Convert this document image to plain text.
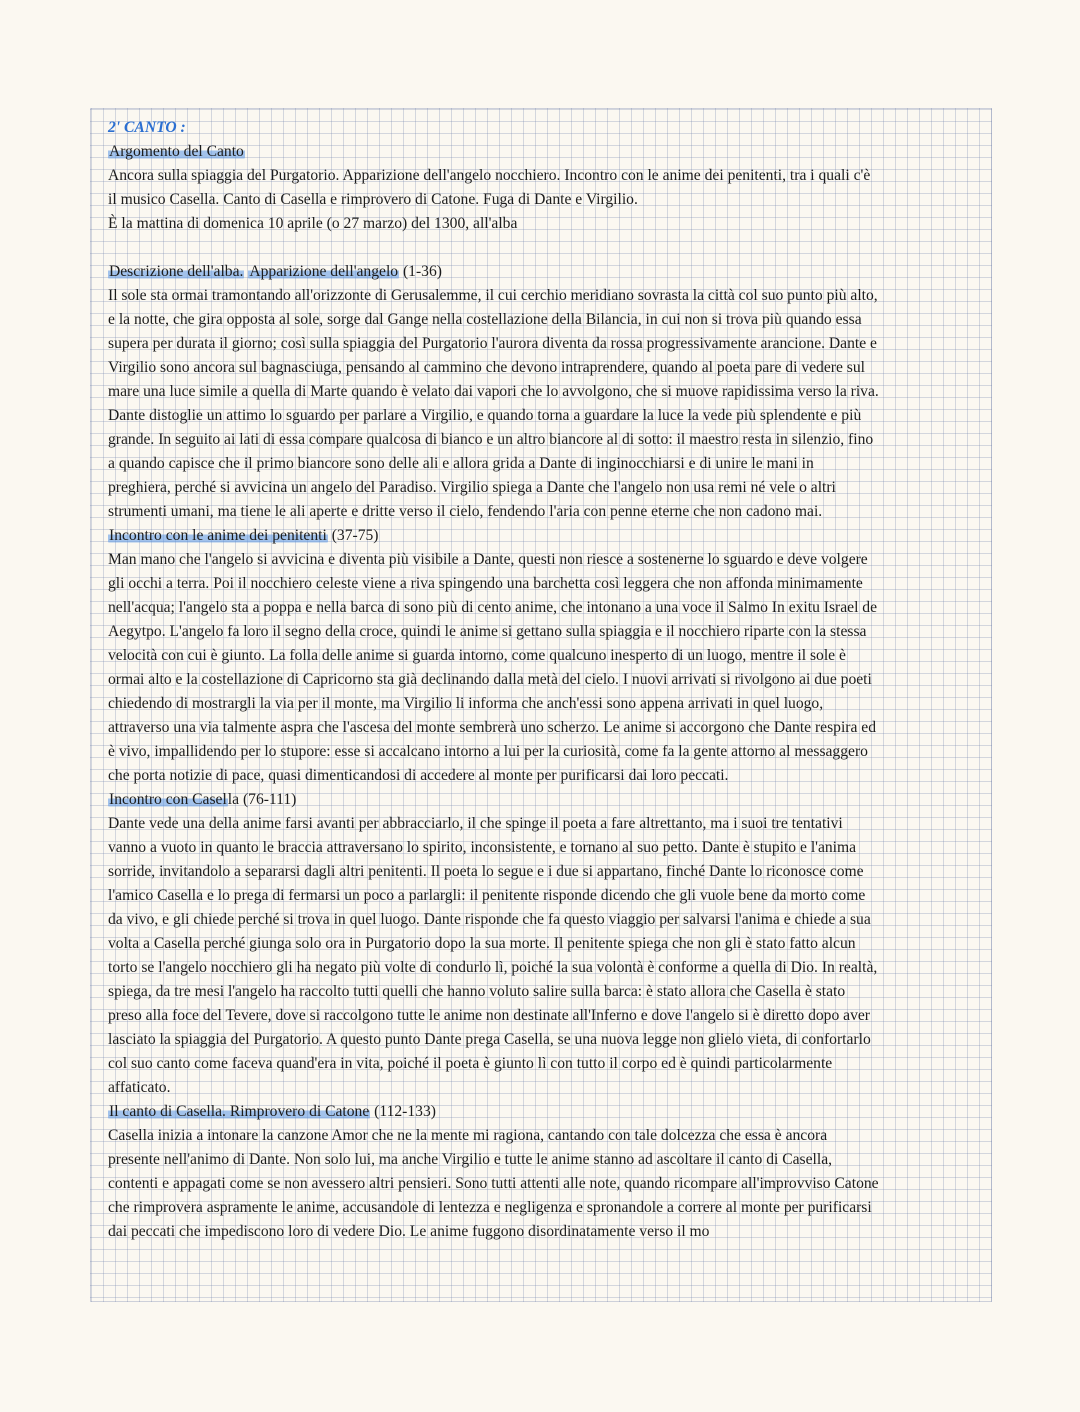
2' CANTO :
Argomento del Canto
Ancora sulla spiaggia del Purgatorio. Apparizione dell'angelo nocchiero. Incontro con le anime dei penitenti, tra i quali c'è
il musico Casella. Canto di Casella e rimprovero di Catone. Fuga di Dante e Virgilio.
È la mattina di domenica 10 aprile (o 27 marzo) del 1300, all'alba
Descrizione dell'alba. Apparizione dell'angelo (1-36)
Il sole sta ormai tramontando all'orizzonte di Gerusalemme, il cui cerchio meridiano sovrasta la città col suo punto più alto,
e la notte, che gira opposta al sole, sorge dal Gange nella costellazione della Bilancia, in cui non si trova più quando essa
supera per durata il giorno; così sulla spiaggia del Purgatorio l'aurora diventa da rossa progressivamente arancione. Dante e
Virgilio sono ancora sul bagnasciuga, pensando al cammino che devono intraprendere, quando al poeta pare di vedere sul
mare una luce simile a quella di Marte quando è velato dai vapori che lo avvolgono, che si muove rapidissima verso la riva.
Dante distoglie un attimo lo sguardo per parlare a Virgilio, e quando torna a guardare la luce la vede più splendente e più
grande. In seguito ai lati di essa compare qualcosa di bianco e un altro biancore al di sotto: il maestro resta in silenzio, fino
a quando capisce che il primo biancore sono delle ali e allora grida a Dante di inginocchiarsi e di unire le mani in
preghiera, perché si avvicina un angelo del Paradiso. Virgilio spiega a Dante che l'angelo non usa remi né vele o altri
strumenti umani, ma tiene le ali aperte e dritte verso il cielo, fendendo l'aria con penne eterne che non cadono mai.
Incontro con le anime dei penitenti (37-75)
Man mano che l'angelo si avvicina e diventa più visibile a Dante, questi non riesce a sostenerne lo sguardo e deve volgere
gli occhi a terra. Poi il nocchiero celeste viene a riva spingendo una barchetta così leggera che non affonda minimamente
nell'acqua; l'angelo sta a poppa e nella barca di sono più di cento anime, che intonano a una voce il Salmo In exitu Israel de
Aegytpo. L'angelo fa loro il segno della croce, quindi le anime si gettano sulla spiaggia e il nocchiero riparte con la stessa
velocità con cui è giunto. La folla delle anime si guarda intorno, come qualcuno inesperto di un luogo, mentre il sole è
ormai alto e la costellazione di Capricorno sta già declinando dalla metà del cielo. I nuovi arrivati si rivolgono ai due poeti
chiedendo di mostrargli la via per il monte, ma Virgilio li informa che anch'essi sono appena arrivati in quel luogo,
attraverso una via talmente aspra che l'ascesa del monte sembrerà uno scherzo. Le anime si accorgono che Dante respira ed
è vivo, impallidendo per lo stupore: esse si accalcano intorno a lui per la curiosità, come fa la gente attorno al messaggero
che porta notizie di pace, quasi dimenticandosi di accedere al monte per purificarsi dai loro peccati.
Incontro con Casella (76-111)
Dante vede una della anime farsi avanti per abbracciarlo, il che spinge il poeta a fare altrettanto, ma i suoi tre tentativi
vanno a vuoto in quanto le braccia attraversano lo spirito, inconsistente, e tornano al suo petto. Dante è stupito e l'anima
sorride, invitandolo a separarsi dagli altri penitenti. Il poeta lo segue e i due si appartano, finché Dante lo riconosce come
l'amico Casella e lo prega di fermarsi un poco a parlargli: il penitente risponde dicendo che gli vuole bene da morto come
da vivo, e gli chiede perché si trova in quel luogo. Dante risponde che fa questo viaggio per salvarsi l'anima e chiede a sua
volta a Casella perché giunga solo ora in Purgatorio dopo la sua morte. Il penitente spiega che non gli è stato fatto alcun
torto se l'angelo nocchiero gli ha negato più volte di condurlo lì, poiché la sua volontà è conforme a quella di Dio. In realtà,
spiega, da tre mesi l'angelo ha raccolto tutti quelli che hanno voluto salire sulla barca: è stato allora che Casella è stato
preso alla foce del Tevere, dove si raccolgono tutte le anime non destinate all'Inferno e dove l'angelo si è diretto dopo aver
lasciato la spiaggia del Purgatorio. A questo punto Dante prega Casella, se una nuova legge non glielo vieta, di confortarlo
col suo canto come faceva quand'era in vita, poiché il poeta è giunto lì con tutto il corpo ed è quindi particolarmente
affaticato.
Il canto di Casella. Rimprovero di Catone (112-133)
Casella inizia a intonare la canzone Amor che ne la mente mi ragiona, cantando con tale dolcezza che essa è ancora
presente nell'animo di Dante. Non solo lui, ma anche Virgilio e tutte le anime stanno ad ascoltare il canto di Casella,
contenti e appagati come se non avessero altri pensieri. Sono tutti attenti alle note, quando ricompare all'improvviso Catone
che rimprovera aspramente le anime, accusandole di lentezza e negligenza e spronandole a correre al monte per purificarsi
dai peccati che impediscono loro di vedere Dio. Le anime fuggono disordinatamente verso il mo
